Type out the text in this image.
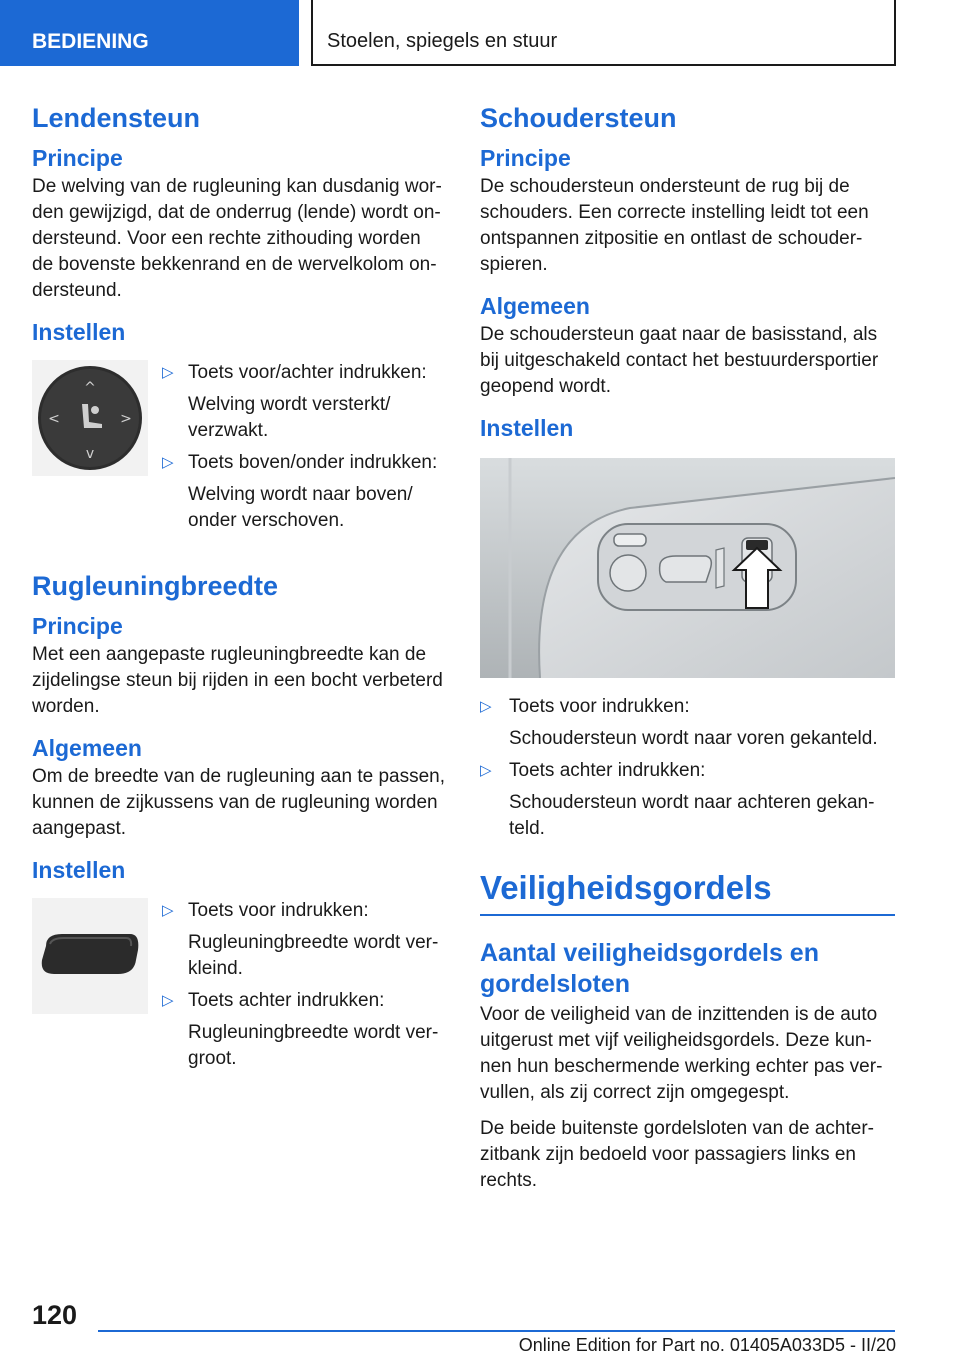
BEDIENING	Stoelen, spiegels en stuur
Lendensteun
Principe

De welving van de rugleuning kan dusdanig wor-den gewijzigd, dat de onderrug (lende) wordt on-dersteund. Voor een rechte zithouding worden de bovenste bekkenrand en de wervelkolom on-dersteund.

Instellen
^
v
<	>
▷ Toets voor/achter indrukken:
Welving wordt versterkt/ verzwakt.
▷ Toets boven/onder indrukken:
Welving wordt naar boven/ onder verschoven.
Rugleuningbreedte
Principe

Met een aangepaste rugleuningbreedte kan de zijdelingse steun bij rijden in een bocht verbeterd worden.

Algemeen

Om de breedte van de rugleuning aan te passen, kunnen de zijkussens van de rugleuning worden aangepast.

Instellen
▷ Toets voor indrukken:
Rugleuningbreedte wordt ver-kleind.
▷ Toets achter indrukken:
Rugleuningbreedte wordt ver-groot.
Schoudersteun
Principe

De schoudersteun ondersteunt de rug bij de schouders. Een correcte instelling leidt tot een ontspannen zitpositie en ontlast de schouder-spieren.

Algemeen

De schoudersteun gaat naar de basisstand, als bij uitgeschakeld contact het bestuurdersportier geopend wordt.

Instellen
▷ Toets voor indrukken:
Schoudersteun wordt naar voren gekanteld.
▷ Toets achter indrukken:
Schoudersteun wordt naar achteren gekan-teld.
Veiligheidsgordels
Aantal veiligheidsgordels en gordelsloten

Voor de veiligheid van de inzittenden is de auto uitgerust met vijf veiligheidsgordels. Deze kun-nen hun beschermende werking echter pas ver-vullen, als zij correct zijn omgegespt.

De beide buitenste gordelsloten van de achter-zitbank zijn bedoeld voor passagiers links en rechts.

120
Online Edition for Part no. 01405A033D5 - II/20
